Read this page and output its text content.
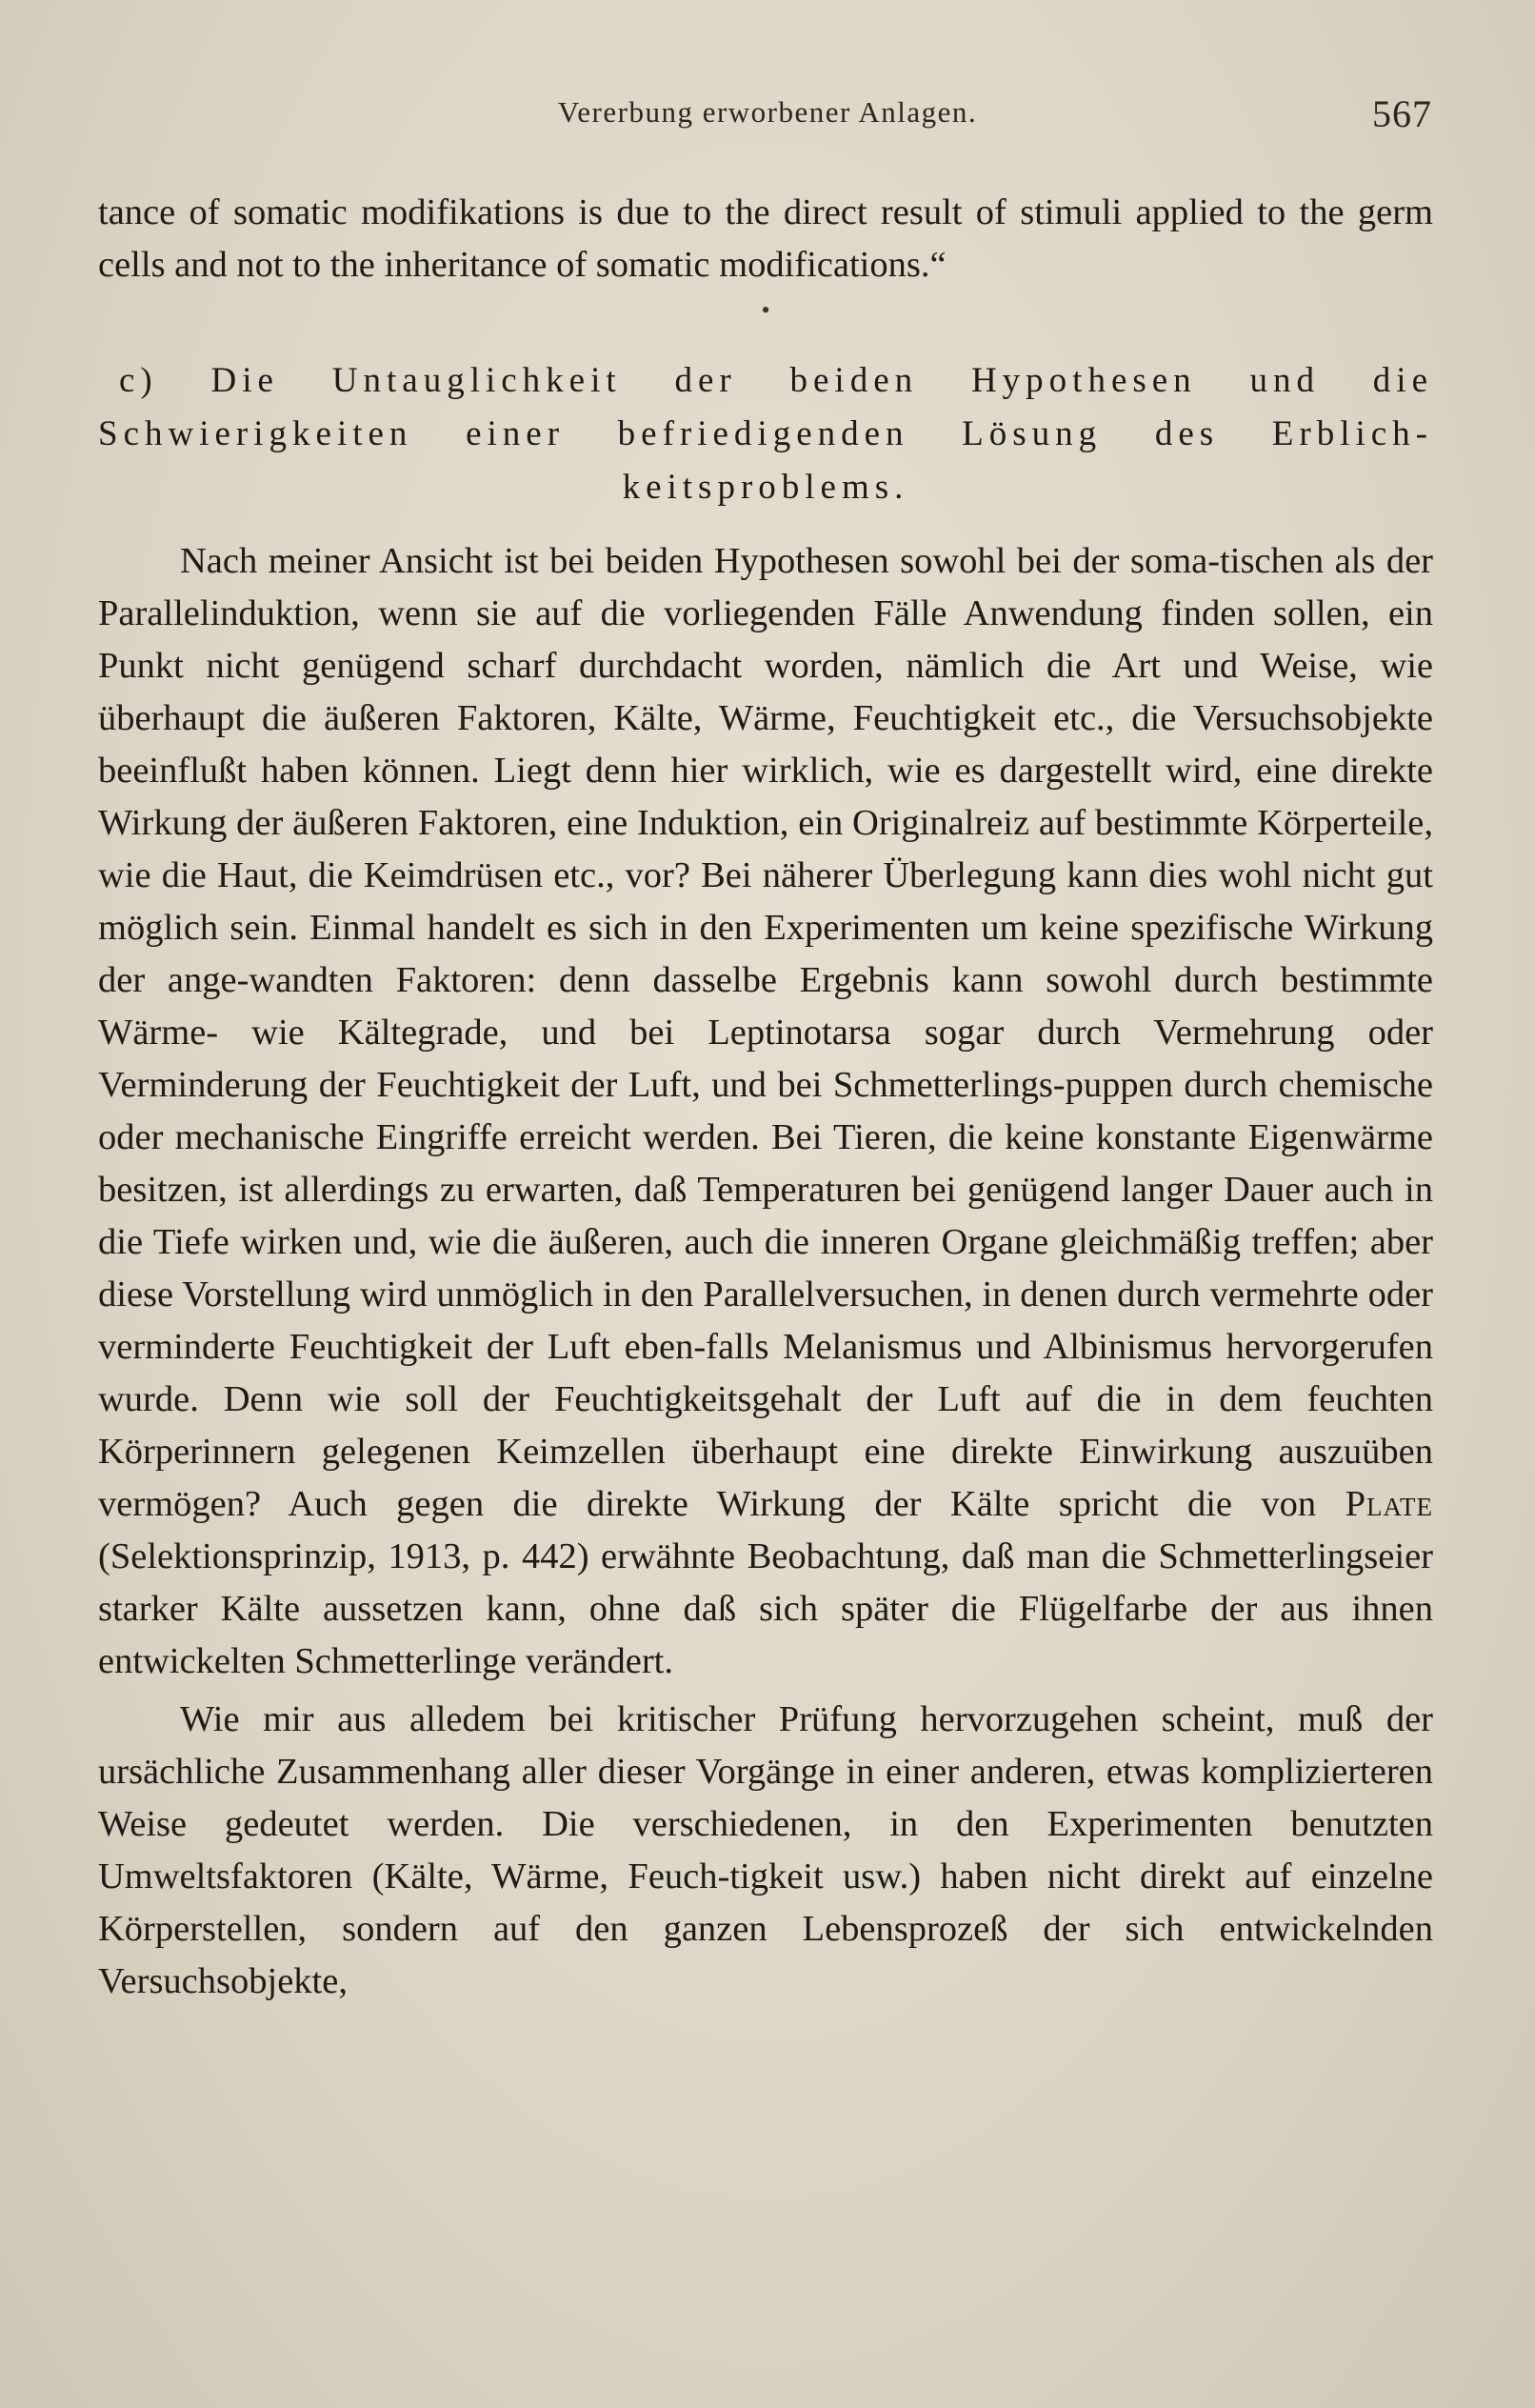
Vererbung erworbener Anlagen.	567

tance of somatic modifikations is due to the direct result of stimuli applied to the germ cells and not to the inheritance of somatic modifications.“

•
c) Die Untauglichkeit der beiden Hypothesen und die
Schwierigkeiten einer befriedigenden Lösung des Erblich-
keitsproblems.

Nach meiner Ansicht ist bei beiden Hypothesen sowohl bei der soma-tischen als der Parallelinduktion, wenn sie auf die vorliegenden Fälle Anwendung finden sollen, ein Punkt nicht genügend scharf durchdacht worden, nämlich die Art und Weise, wie überhaupt die äußeren Faktoren, Kälte, Wärme, Feuchtigkeit etc., die Versuchsobjekte beeinflußt haben können. Liegt denn hier wirklich, wie es dargestellt wird, eine direkte Wirkung der äußeren Faktoren, eine Induktion, ein Originalreiz auf bestimmte Körperteile, wie die Haut, die Keimdrüsen etc., vor? Bei näherer Überlegung kann dies wohl nicht gut möglich sein. Einmal handelt es sich in den Experimenten um keine spezifische Wirkung der ange-wandten Faktoren: denn dasselbe Ergebnis kann sowohl durch bestimmte Wärme- wie Kältegrade, und bei Leptinotarsa sogar durch Vermehrung oder Verminderung der Feuchtigkeit der Luft, und bei Schmetterlings-puppen durch chemische oder mechanische Eingriffe erreicht werden. Bei Tieren, die keine konstante Eigenwärme besitzen, ist allerdings zu erwarten, daß Temperaturen bei genügend langer Dauer auch in die Tiefe wirken und, wie die äußeren, auch die inneren Organe gleichmäßig treffen; aber diese Vorstellung wird unmöglich in den Parallelversuchen, in denen durch vermehrte oder verminderte Feuchtigkeit der Luft eben-falls Melanismus und Albinismus hervorgerufen wurde. Denn wie soll der Feuchtigkeitsgehalt der Luft auf die in dem feuchten Körperinnern gelegenen Keimzellen überhaupt eine direkte Einwirkung auszuüben vermögen? Auch gegen die direkte Wirkung der Kälte spricht die von Plate (Selektionsprinzip, 1913, p. 442) erwähnte Beobachtung, daß man die Schmetterlingseier starker Kälte aussetzen kann, ohne daß sich später die Flügelfarbe der aus ihnen entwickelten Schmetterlinge verändert.

Wie mir aus alledem bei kritischer Prüfung hervorzugehen scheint, muß der ursächliche Zusammenhang aller dieser Vorgänge in einer anderen, etwas komplizierteren Weise gedeutet werden. Die verschiedenen, in den Experimenten benutzten Umweltsfaktoren (Kälte, Wärme, Feuch-tigkeit usw.) haben nicht direkt auf einzelne Körperstellen, sondern auf den ganzen Lebensprozeß der sich entwickelnden Versuchsobjekte,
